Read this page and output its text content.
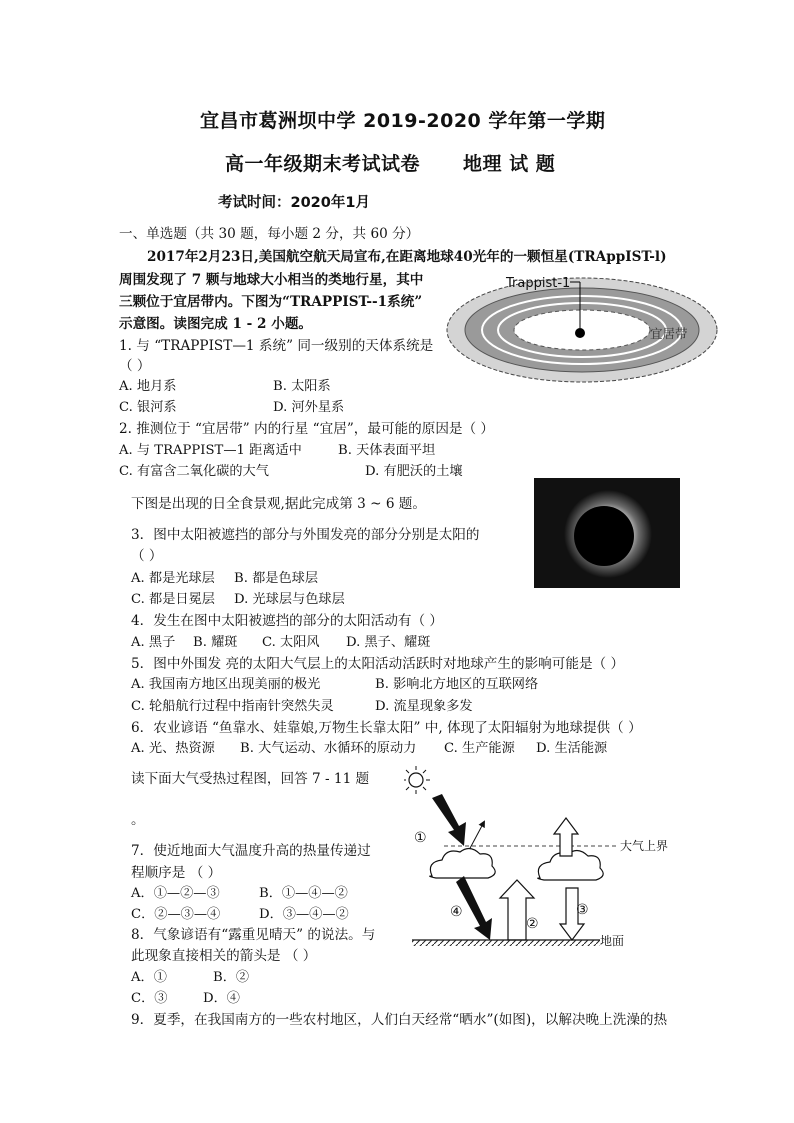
宜昌市葛洲坝中学 2019-2020 学年第一学期
高一年级期末考试试卷 地理 试 题
考试时间：2020年1月
一、单选题（共 30 题，每小题 2 分，共 60 分）
2017年2月23日,美国航空航天局宣布,在距离地球40光年的一颗恒星(TRAppIST-l)
周围发现了 7 颗与地球大小相当的类地行星，其中
三颗位于宜居带内。下图为“TRAPPIST--1系统”
示意图。读图完成 1 - 2 小题。
Trappist-1
宜居带
1. 与 “TRAPPIST—1 系统” 同一级别的天体系统是
（ ）
A. 地月系	B. 太阳系
C. 银河系	D. 河外星系
2. 推测位于 “宜居带” 内的行星 “宜居”，最可能的原因是（ ）
A. 与 TRAPPIST—1 距离适中	B. 天体表面平坦
C. 有富含二氧化碳的大气	D. 有肥沃的土壤
下图是出现的日全食景观,据此完成第 3 ~ 6 题。
3．图中太阳被遮挡的部分与外围发亮的部分分别是太阳的
（ ）
A. 都是光球层 B. 都是色球层
C. 都是日冕层 D. 光球层与色球层
4．发生在图中太阳被遮挡的部分的太阳活动有（ ）
A. 黑子 B. 耀斑 C. 太阳风 D. 黑子、耀斑
5．图中外围发 亮的太阳大气层上的太阳活动活跃时对地球产生的影响可能是（ ）
A. 我国南方地区出现美丽的极光	B. 影响北方地区的互联网络
C. 轮船航行过程中指南针突然失灵	D. 流星现象多发
6．农业谚语 “鱼靠水、娃靠娘,万物生长靠太阳” 中, 体现了太阳辐射为地球提供（ ）
A. 光、热资源 B. 大气运动、水循环的原动力 C. 生产能源 D. 生活能源
读下面大气受热过程图，回答 7 - 11 题
。
大气上界
①
④
②
③
地面
7．使近地面大气温度升高的热量传递过
程顺序是 （ ）
A．①—②—③	B．①—④—②
C．②—③—④	D．③—④—②
8．气象谚语有“露重见晴天” 的说法。与
此现象直接相关的箭头是 （ ）
A．①	B．②
C．③	D．④
9．夏季，在我国南方的一些农村地区，人们白天经常“晒水”(如图)，以解决晚上洗澡的热
